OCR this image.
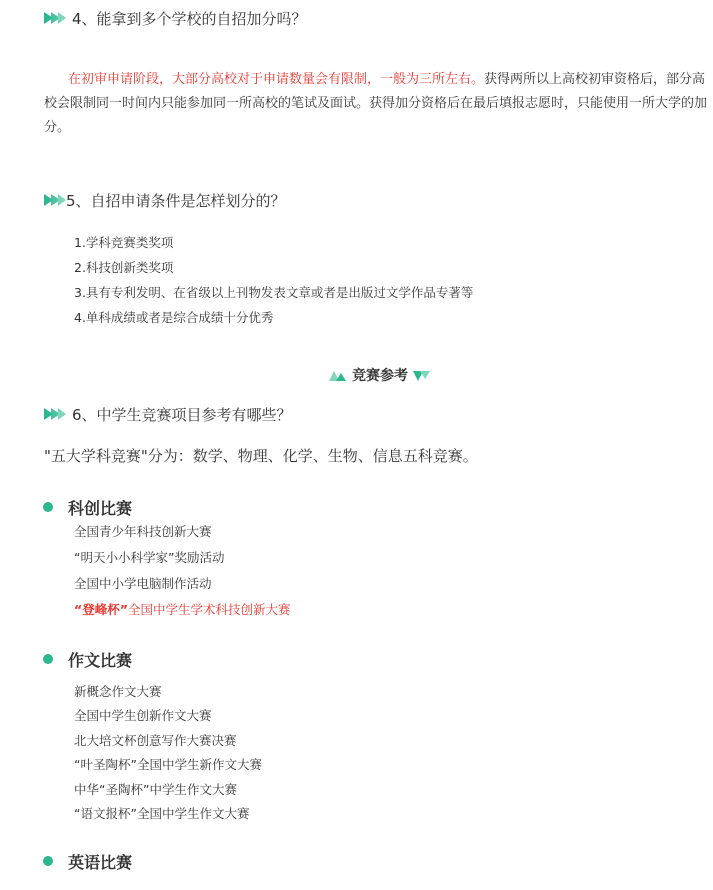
4、能拿到多个学校的自招加分吗？
在初审申请阶段，大部分高校对于申请数量会有限制，一般为三所左右。获得两所以上高校初审资格后，部分高校会限制同一时间内只能参加同一所高校的笔试及面试。获得加分资格后在最后填报志愿时，只能使用一所大学的加分。
5、自招申请条件是怎样划分的？
1.学科竞赛类奖项
2.科技创新类奖项
3.具有专利发明、在省级以上刊物发表文章或者是出版过文学作品专著等
4.单科成绩或者是综合成绩十分优秀
竞赛参考
6、中学生竞赛项目参考有哪些？
"五大学科竞赛"分为：数学、物理、化学、生物、信息五科竞赛。
科创比赛
全国青少年科技创新大赛
“明天小小科学家”奖励活动
全国中小学电脑制作活动
“登峰杯”全国中学生学术科技创新大赛
作文比赛
新概念作文大赛
全国中学生创新作文大赛
北大培文杯创意写作大赛决赛
“叶圣陶杯”全国中学生新作文大赛
中华“圣陶杯”中学生作文大赛
“语文报杯”全国中学生作文大赛
英语比赛
